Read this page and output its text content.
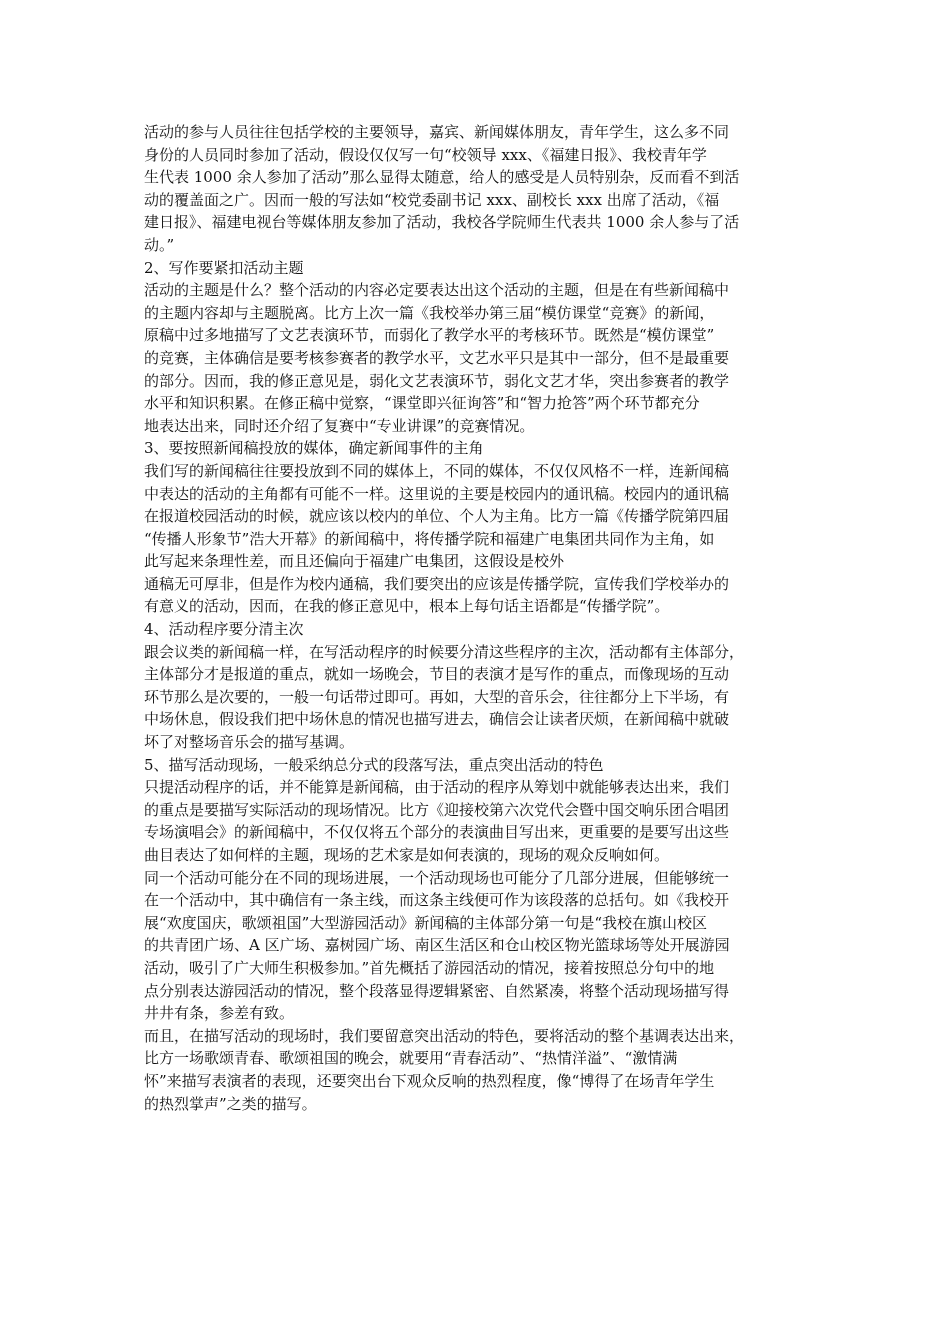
活动的参与人员往往包括学校的主要领导，嘉宾、新闻媒体朋友，青年学生，这么多不同
身份的人员同时参加了活动，假设仅仅写一句“校领导 xxx、《福建日报》、我校青年学
生代表 1000 余人参加了活动”那么显得太随意，给人的感受是人员特别杂，反而看不到活
动的覆盖面之广。因而一般的写法如“校党委副书记 xxx、副校长 xxx 出席了活动，《福
建日报》、福建电视台等媒体朋友参加了活动，我校各学院师生代表共 1000 余人参与了活
动。”
2、写作要紧扣活动主题
活动的主题是什么？整个活动的内容必定要表达出这个活动的主题，但是在有些新闻稿中
的主题内容却与主题脱离。比方上次一篇《我校举办第三届“模仿课堂“竞赛》的新闻，
原稿中过多地描写了文艺表演环节，而弱化了教学水平的考核环节。既然是“模仿课堂”
的竞赛，主体确信是要考核参赛者的教学水平，文艺水平只是其中一部分，但不是最重要
的部分。因而，我的修正意见是，弱化文艺表演环节，弱化文艺才华，突出参赛者的教学
水平和知识积累。在修正稿中觉察，“课堂即兴征询答”和“智力抢答”两个环节都充分
地表达出来，同时还介绍了复赛中“专业讲课”的竞赛情况。
3、要按照新闻稿投放的媒体，确定新闻事件的主角
我们写的新闻稿往往要投放到不同的媒体上，不同的媒体，不仅仅风格不一样，连新闻稿
中表达的活动的主角都有可能不一样。这里说的主要是校园内的通讯稿。校园内的通讯稿
在报道校园活动的时候，就应该以校内的单位、个人为主角。比方一篇《传播学院第四届
“传播人形象节”浩大开幕》的新闻稿中，将传播学院和福建广电集团共同作为主角，如
此写起来条理性差，而且还偏向于福建广电集团，这假设是校外
通稿无可厚非，但是作为校内通稿，我们要突出的应该是传播学院，宣传我们学校举办的
有意义的活动，因而，在我的修正意见中，根本上每句话主语都是“传播学院”。
4、活动程序要分清主次
跟会议类的新闻稿一样，在写活动程序的时候要分清这些程序的主次，活动都有主体部分，
主体部分才是报道的重点，就如一场晚会，节目的表演才是写作的重点，而像现场的互动
环节那么是次要的，一般一句话带过即可。再如，大型的音乐会，往往都分上下半场，有
中场休息，假设我们把中场休息的情况也描写进去，确信会让读者厌烦，在新闻稿中就破
坏了对整场音乐会的描写基调。
5、描写活动现场，一般采纳总分式的段落写法，重点突出活动的特色
只提活动程序的话，并不能算是新闻稿，由于活动的程序从筹划中就能够表达出来，我们
的重点是要描写实际活动的现场情况。比方《迎接校第六次党代会暨中国交响乐团合唱团
专场演唱会》的新闻稿中，不仅仅将五个部分的表演曲目写出来，更重要的是要写出这些
曲目表达了如何样的主题，现场的艺术家是如何表演的，现场的观众反响如何。
同一个活动可能分在不同的现场进展，一个活动现场也可能分了几部分进展，但能够统一
在一个活动中，其中确信有一条主线，而这条主线便可作为该段落的总括句。如《我校开
展“欢度国庆，歌颂祖国”大型游园活动》新闻稿的主体部分第一句是“我校在旗山校区
的共青团广场、A 区广场、嘉树园广场、南区生活区和仓山校区物光篮球场等处开展游园
活动，吸引了广大师生积极参加。”首先概括了游园活动的情况，接着按照总分句中的地
点分别表达游园活动的情况，整个段落显得逻辑紧密、自然紧凑，将整个活动现场描写得
井井有条，参差有致。
而且，在描写活动的现场时，我们要留意突出活动的特色，要将活动的整个基调表达出来，
比方一场歌颂青春、歌颂祖国的晚会，就要用“青春活动”、“热情洋溢”、“激情满
怀”来描写表演者的表现，还要突出台下观众反响的热烈程度，像“博得了在场青年学生
的热烈掌声”之类的描写。
